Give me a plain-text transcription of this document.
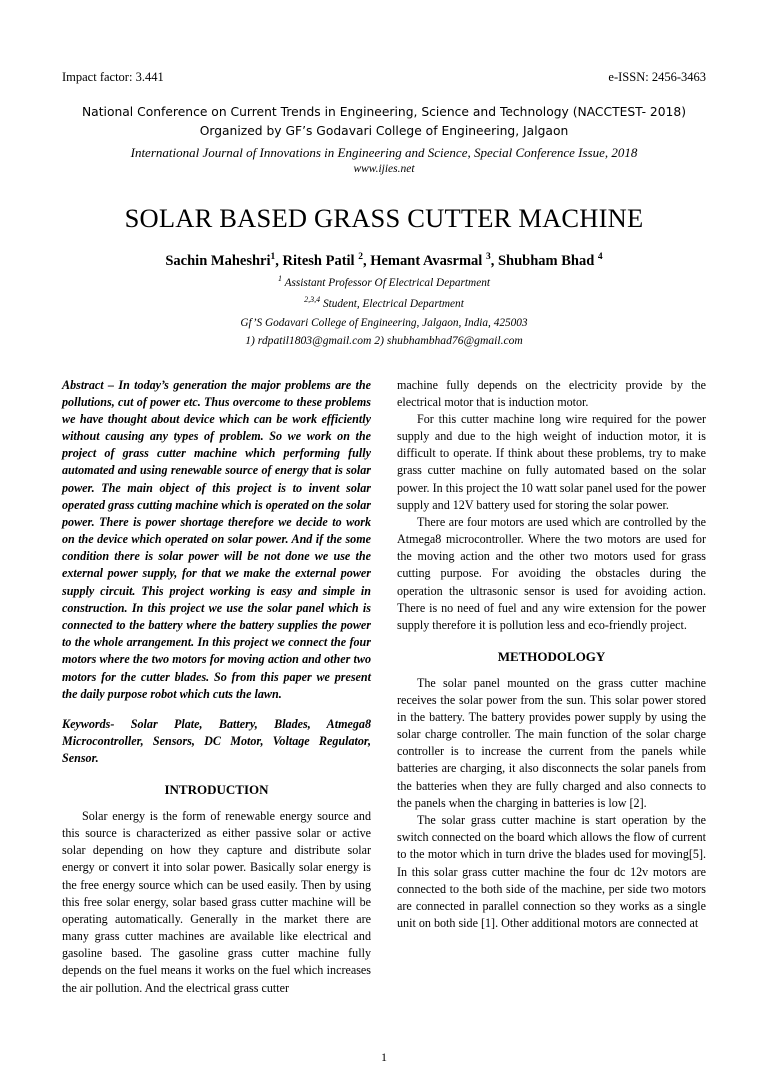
Impact factor: 3.441	e-ISSN: 2456-3463
National Conference on Current Trends in Engineering, Science and Technology (NACCTEST- 2018)
Organized by GF’s Godavari College of Engineering, Jalgaon
International Journal of Innovations in Engineering and Science, Special Conference Issue, 2018
www.ijies.net
SOLAR BASED GRASS CUTTER MACHINE
Sachin Maheshri$^1$, Ritesh Patil $^2$, Hemant Avasrmal $^3$, Shubham Bhad $^4$
$^1$ Assistant Professor Of Electrical Department
$^{2,3,4}$ Student, Electrical Department
Gf’S Godavari College of Engineering, Jalgaon, India, 425003
1) rdpatil1803@gmail.com 2) shubhambhad76@gmail.com

Abstract – In today’s generation the major problems are the pollutions, cut of power etc. Thus overcome to these problems we have thought about device which can be work efficiently without causing any types of problem. So we work on the project of grass cutter machine which performing fully automated and using renewable source of energy that is solar power. The main object of this project is to invent solar operated grass cutting machine which is operated on the solar power. There is power shortage therefore we decide to work on the device which operated on solar power. And if the some condition there is solar power will be not done we use the external power supply, for that we make the external power supply circuit. This project working is easy and simple in construction. In this project we use the solar panel which is connected to the battery where the battery supplies the power to the whole arrangement. In this project we connect the four motors where the two motors for moving action and other two motors for the cutter blades. So from this paper we present the daily purpose robot which cuts the lawn.

Keywords- Solar Plate, Battery, Blades, Atmega8 Microcontroller, Sensors, DC Motor, Voltage Regulator, Sensor.
INTRODUCTION

Solar energy is the form of renewable energy source and this source is characterized as either passive solar or active solar depending on how they capture and distribute solar energy or convert it into solar power. Basically solar energy is the free energy source which can be used easily. Then by using this free solar energy, solar based grass cutter machine will be operating automatically. Generally in the market there are many grass cutter machines are available like electrical and gasoline based. The gasoline grass cutter machine fully depends on the fuel means it works on the fuel which increases the air pollution. And the electrical grass cutter

machine fully depends on the electricity provide by the electrical motor that is induction motor.

For this cutter machine long wire required for the power supply and due to the high weight of induction motor, it is difficult to operate. If think about these problems, try to make grass cutter machine on fully automated based on the solar power. In this project the 10 watt solar panel used for the power supply and 12V battery used for storing the solar power.

There are four motors are used which are controlled by the Atmega8 microcontroller. Where the two motors are used for the moving action and the other two motors used for grass cutting purpose. For avoiding the obstacles during the operation the ultrasonic sensor is used for avoiding action. There is no need of fuel and any wire extension for the power supply therefore it is pollution less and eco-friendly project.

METHODOLOGY

The solar panel mounted on the grass cutter machine receives the solar power from the sun. This solar power stored in the battery. The battery provides power supply by using the solar charge controller. The main function of the solar charge controller is to increase the current from the panels while batteries are charging, it also disconnects the solar panels from the batteries when they are fully charged and also connects to the panels when the charging in batteries is low [2].

The solar grass cutter machine is start operation by the switch connected on the board which allows the flow of current to the motor which in turn drive the blades used for moving[5]. In this solar grass cutter machine the four dc 12v motors are connected to the both side of the machine, per side two motors are connected in parallel connection so they works as a single unit on both side [1]. Other additional motors are connected at

1
